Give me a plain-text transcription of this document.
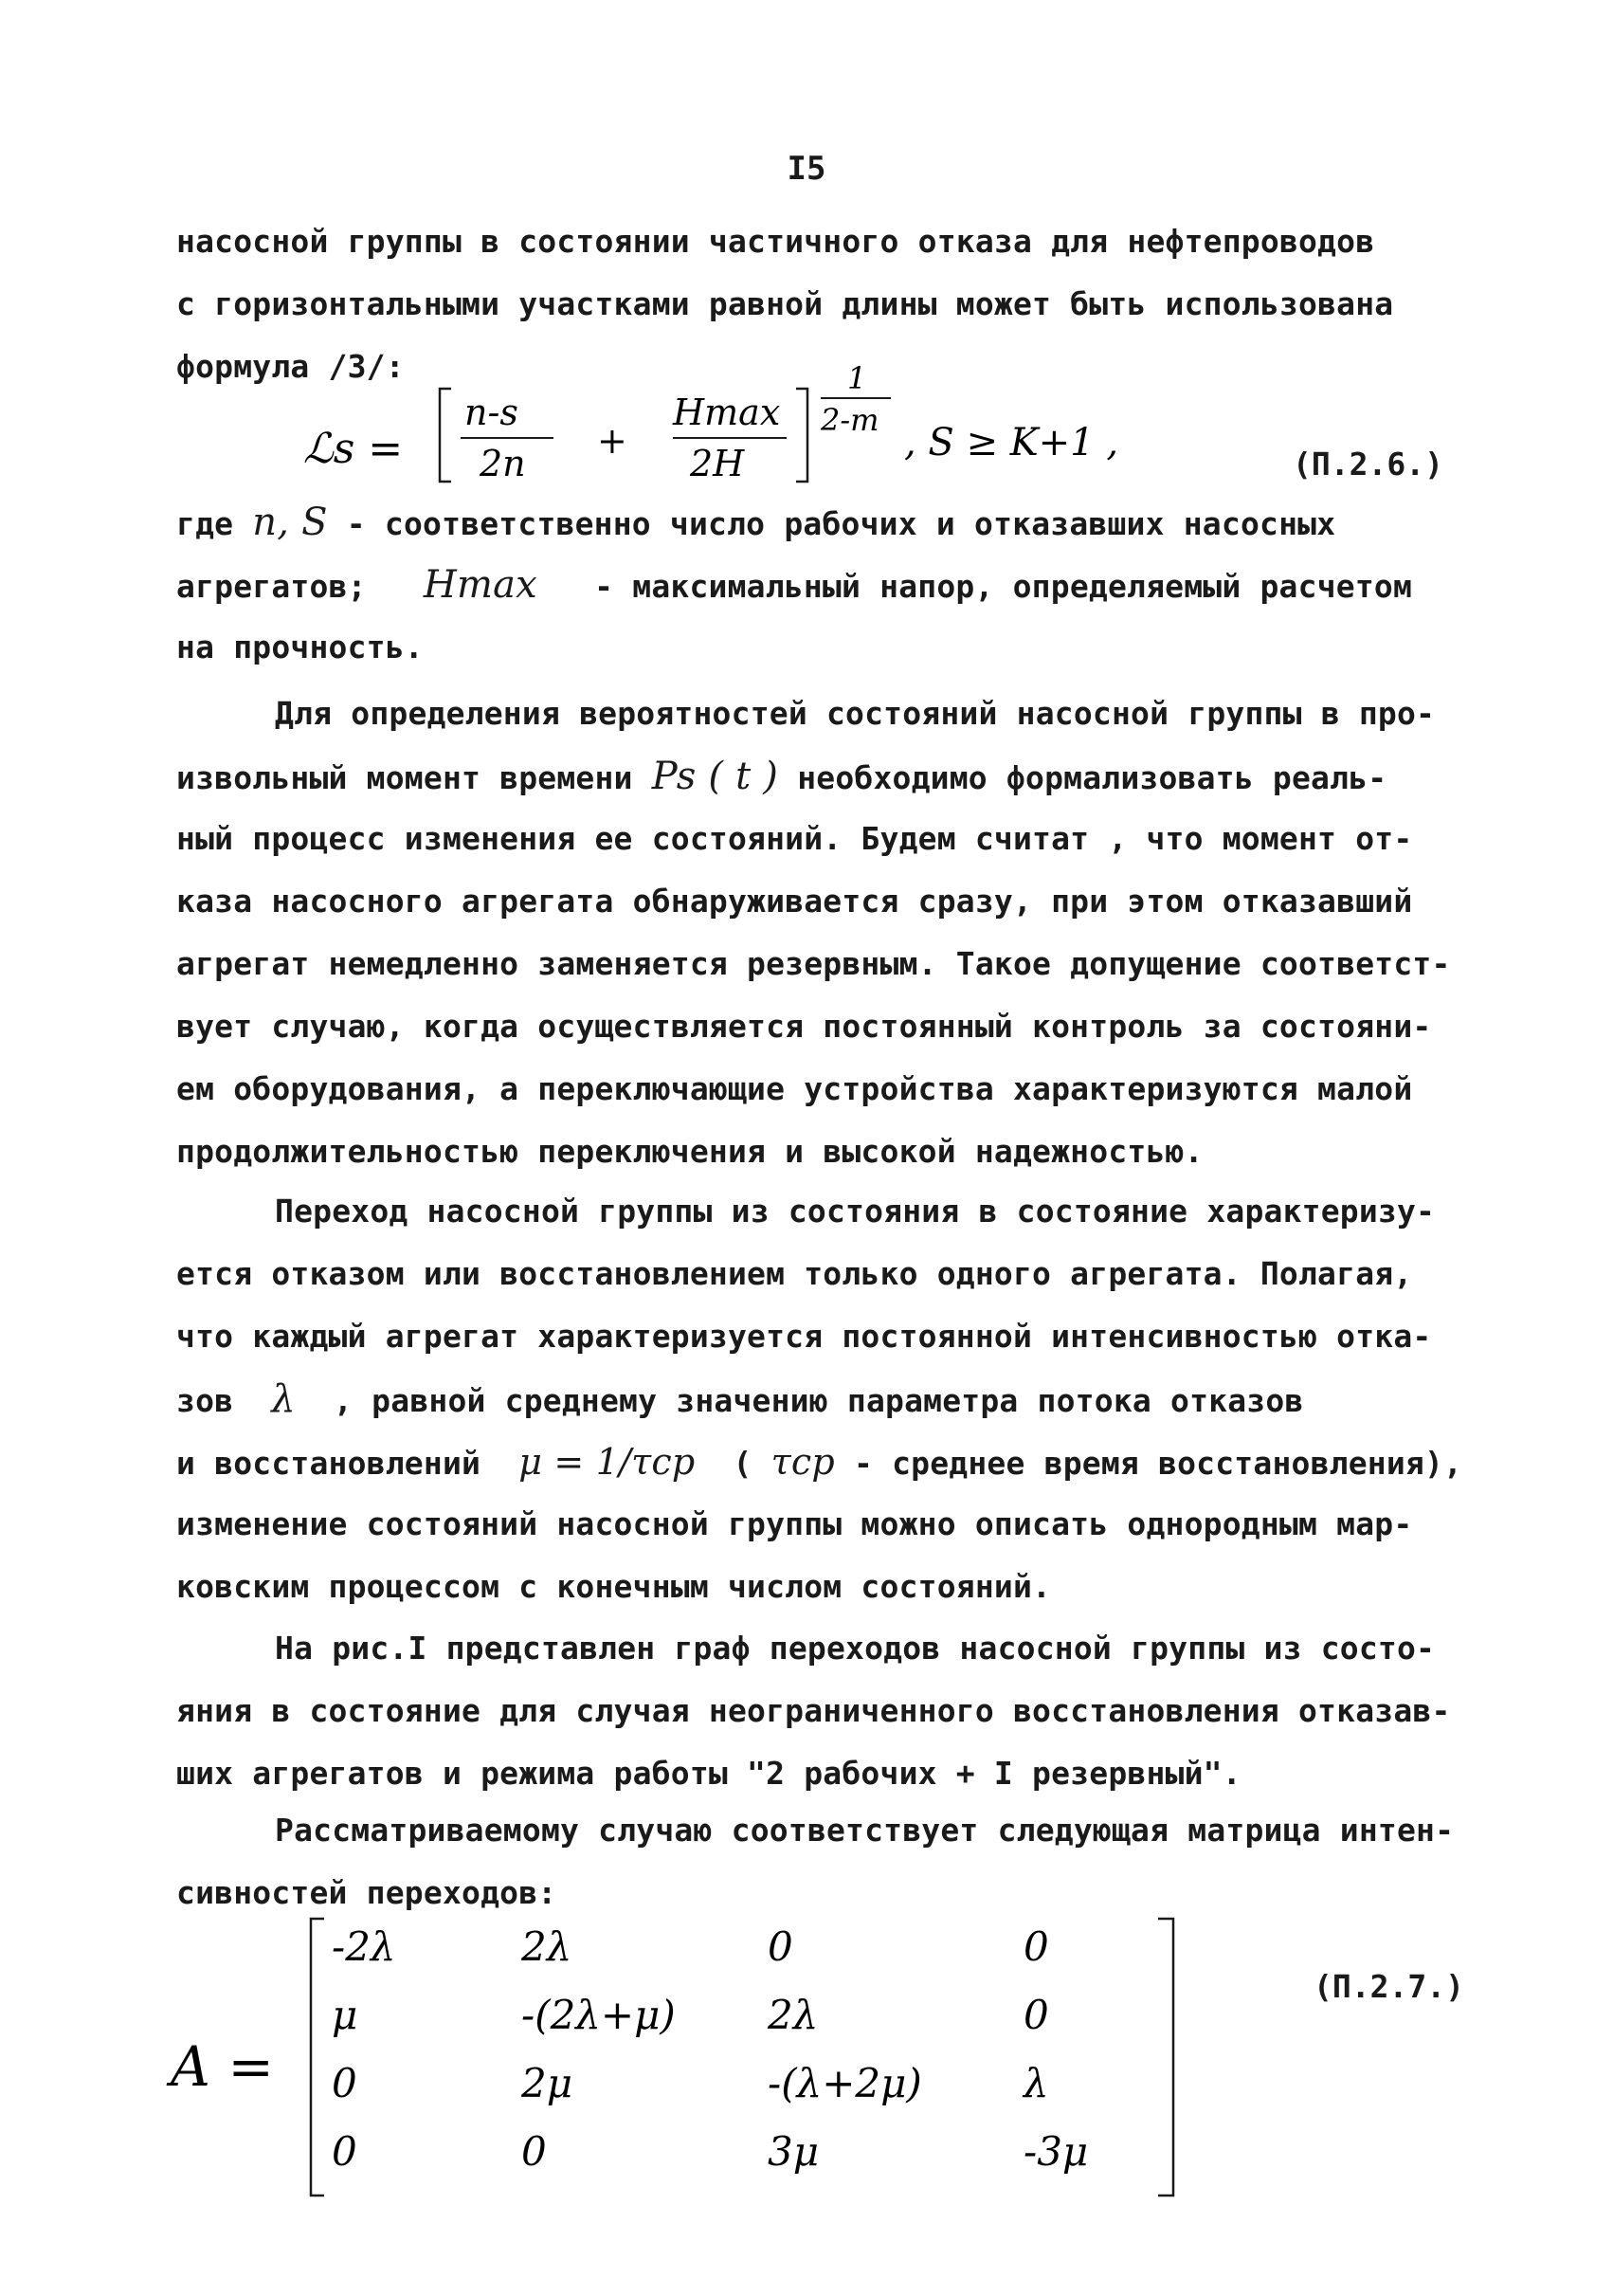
I5
насосной группы в состоянии частичного отказа для нефтепроводов
с горизонтальными участками равной длины может быть использована
формула /3/:
ℒs =
n-s
2n
+
Hmax
2H
1
2-m
, S ≥ K+1 ,	(П.2.6.)
где n, S - соответственно число рабочих и отказавших насосных
агрегатов; Hmax - максимальный напор, определяемый расчетом
на прочность.
Для определения вероятностей состояний насосной группы в про-
извольный момент времени Ps ( t ) необходимо формализовать реаль-
ный процесс изменения ее состояний. Будем считат , что момент от-
каза насосного агрегата обнаруживается сразу, при этом отказавший
агрегат немедленно заменяется резервным. Такое допущение соответст-
вует случаю, когда осуществляется постоянный контроль за состояни-
ем оборудования, а переключающие устройства характеризуются малой
продолжительностью переключения и высокой надежностью.
Переход насосной группы из состояния в состояние характеризу-
ется отказом или восстановлением только одного агрегата. Полагая,
что каждый агрегат характеризуется постоянной интенсивностью отка-
зов λ , равной среднему значению параметра потока отказов
и восстановлений μ = 1/τср ( τср - среднее время восстановления),
изменение состояний насосной группы можно описать однородным мар-
ковским процессом с конечным числом состояний.
На рис.I представлен граф переходов насосной группы из состо-
яния в состояние для случая неограниченного восстановления отказав-
ших агрегатов и режима работы "2 рабочих + I резервный".
Рассматриваемому случаю соответствует следующая матрица интен-
сивностей переходов:
A =
-2λ	2λ	0	0
μ	-(2λ+μ) 2λ	0
0	2μ	-(λ+2μ)	λ
0	0	3μ	-3μ
(П.2.7.)
